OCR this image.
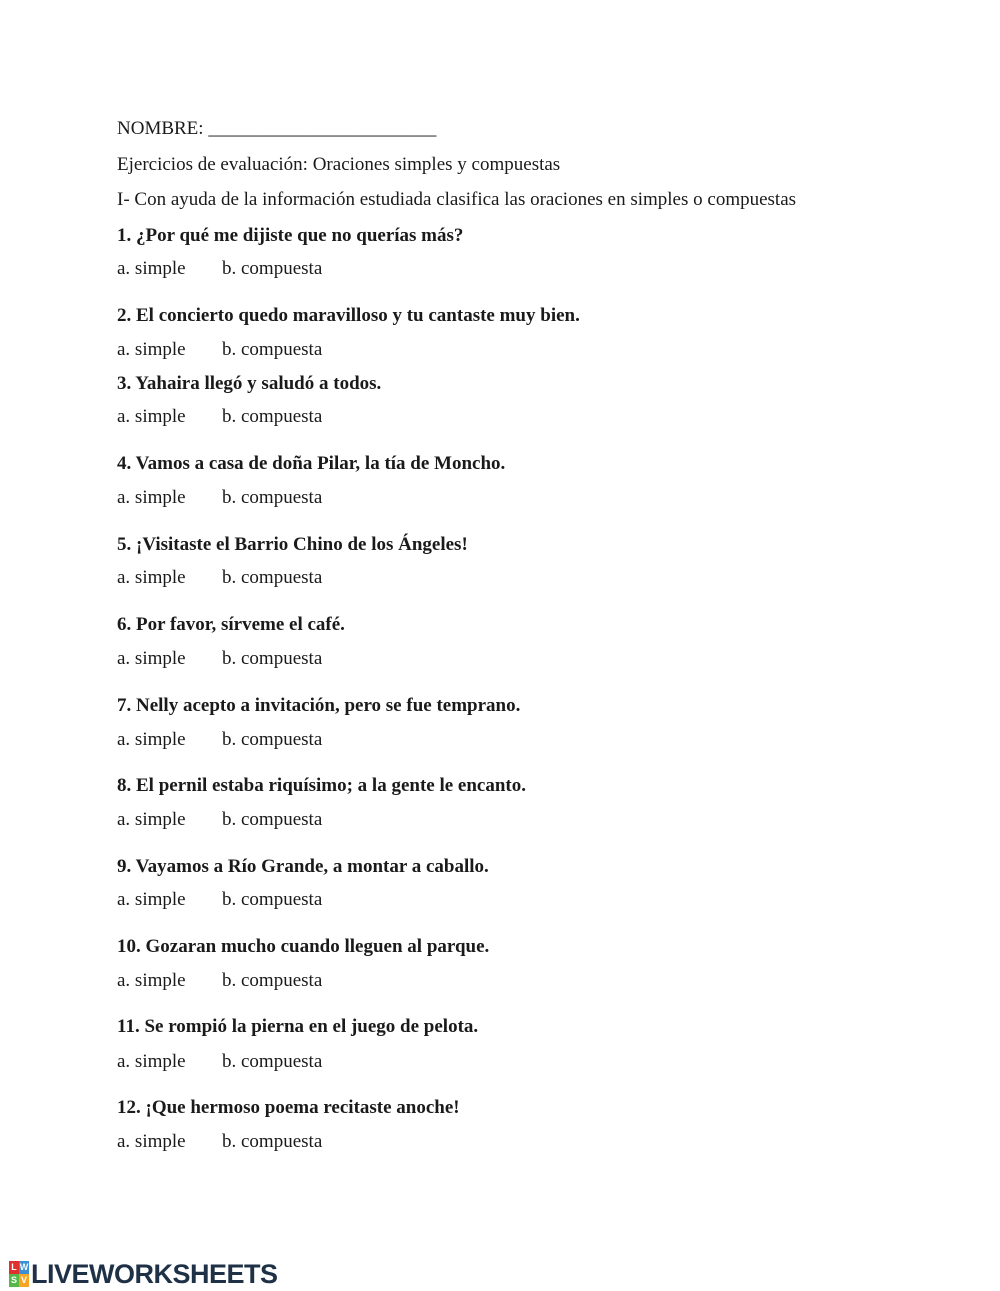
NOMBRE: ________________________
Ejercicios de evaluación: Oraciones simples y compuestas
I- Con ayuda de la información estudiada clasifica las oraciones en simples o compuestas
1. ¿Por qué me dijiste que no querías más?
a. simple b. compuesta
2. El concierto quedo maravilloso y tu cantaste muy bien.
a. simple b. compuesta
3. Yahaira llegó y saludó a todos.
a. simple b. compuesta
4. Vamos a casa de doña Pilar, la tía de Moncho.
a. simple b. compuesta
5. ¡Visitaste el Barrio Chino de los Ángeles!
a. simple b. compuesta
6. Por favor, sírveme el café.
a. simple b. compuesta
7. Nelly acepto a invitación, pero se fue temprano.
a. simple b. compuesta
8. El pernil estaba riquísimo; a la gente le encanto.
a. simple b. compuesta
9. Vayamos a Río Grande, a montar a caballo.
a. simple b. compuesta
10. Gozaran mucho cuando lleguen al parque.
a. simple b. compuesta
11. Se rompió la pierna en el juego de pelota.
a. simple b. compuesta
12. ¡Que hermoso poema recitaste anoche!
a. simple b. compuesta
L W
S V LIVEWORKSHEETS
